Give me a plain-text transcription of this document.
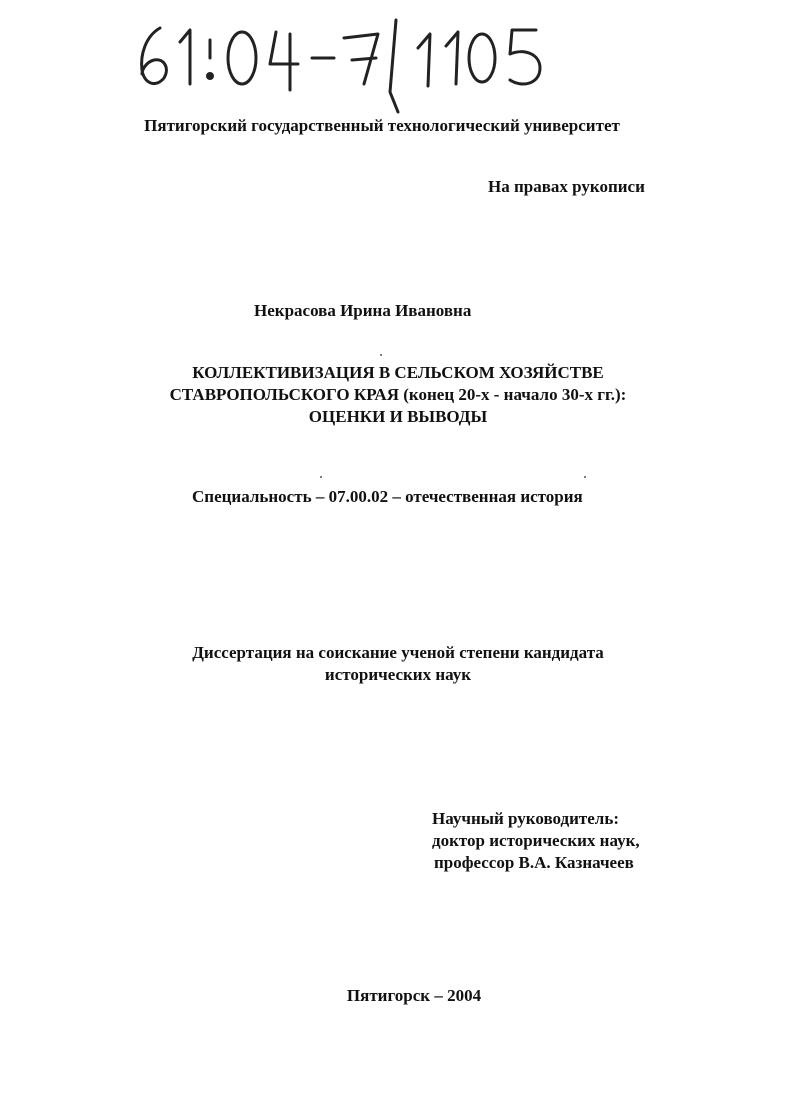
Пятигорский государственный технологический университет
На правах рукописи
Некрасова Ирина Ивановна
КОЛЛЕКТИВИЗАЦИЯ В СЕЛЬСКОМ ХОЗЯЙСТВЕ
СТАВРОПОЛЬСКОГО КРАЯ (конец 20-х - начало 30-х гг.):
ОЦЕНКИ И ВЫВОДЫ
Специальность – 07.00.02 – отечественная история
Диссертация на соискание ученой степени кандидата
исторических наук
Научный руководитель:
доктор исторических наук,
профессор В.А. Казначеев
Пятигорск – 2004
